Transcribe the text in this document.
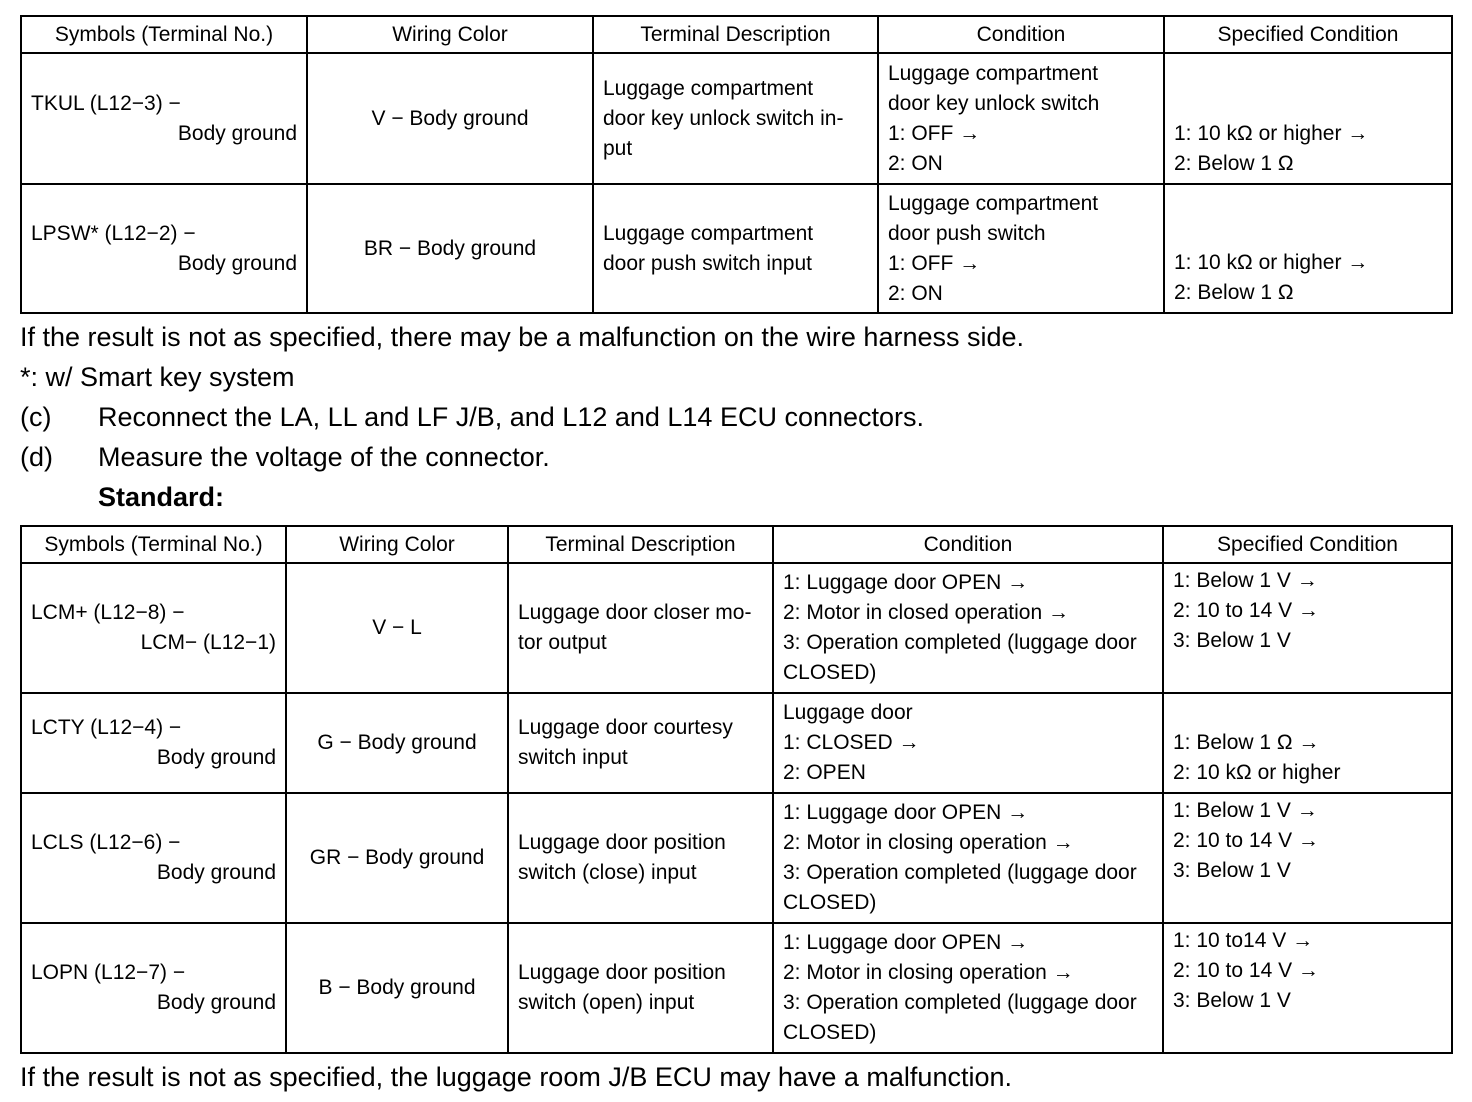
Symbols (Terminal No.)	Wiring Color	Terminal Description	Condition	Specified Condition

TKUL (L12−3) −
Body ground	V − Body ground	Luggage compartment
door key unlock switch in-
put	Luggage compartment
door key unlock switch
1: OFF →
2: ON	1: 10 kΩ or higher →
2: Below 1 Ω

LPSW* (L12−2) −
Body ground	BR − Body ground	Luggage compartment
door push switch input	Luggage compartment
door push switch
1: OFF →
2: ON	1: 10 kΩ or higher →
2: Below 1 Ω
If the result is not as specified, there may be a malfunction on the wire harness side.
*: w/ Smart key system
(c) Reconnect the LA, LL and LF J/B, and L12 and L14 ECU connectors.
(d) Measure the voltage of the connector.
Standard:
Symbols (Terminal No.)	Wiring Color	Terminal Description	Condition	Specified Condition

LCM+ (L12−8) −
LCM− (L12−1)	V − L	Luggage door closer mo-
tor output	1: Luggage door OPEN →
2: Motor in closed operation →
3: Operation completed (luggage door
CLOSED)	1: Below 1 V →
2: 10 to 14 V →
3: Below 1 V

LCTY (L12−4) −
Body ground	G − Body ground	Luggage door courtesy
switch input	Luggage door
1: CLOSED →
2: OPEN	1: Below 1 Ω →
2: 10 kΩ or higher

LCLS (L12−6) −
Body ground	GR − Body ground	Luggage door position
switch (close) input	1: Luggage door OPEN →
2: Motor in closing operation →
3: Operation completed (luggage door
CLOSED)	1: Below 1 V →
2: 10 to 14 V →
3: Below 1 V

LOPN (L12−7) −
Body ground	B − Body ground	Luggage door position
switch (open) input	1: Luggage door OPEN →
2: Motor in closing operation →
3: Operation completed (luggage door
CLOSED)	1: 10 to14 V →
2: 10 to 14 V →
3: Below 1 V
If the result is not as specified, the luggage room J/B ECU may have a malfunction.
